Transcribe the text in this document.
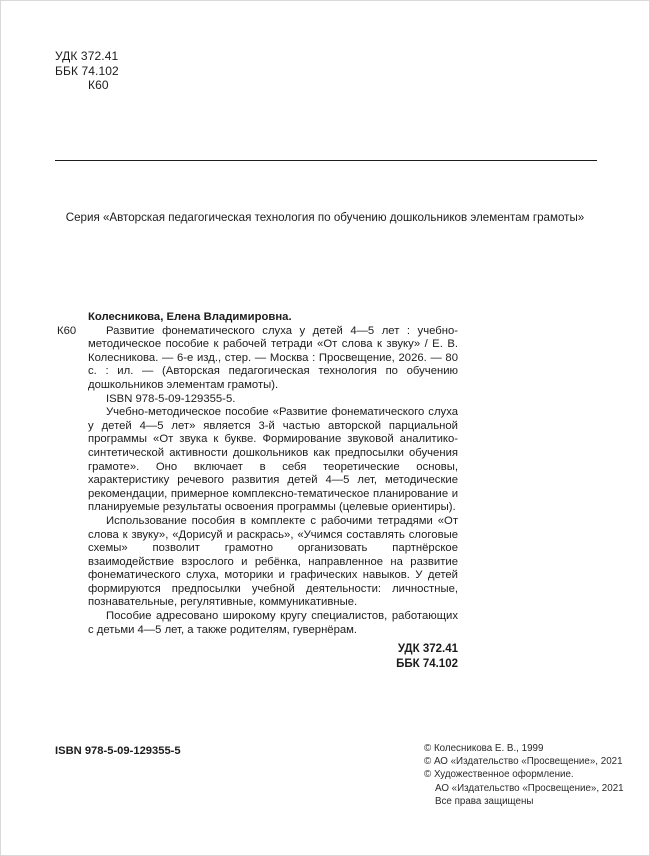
УДК 372.41
ББК 74.102
К60
Серия «Авторская педагогическая технология по обучению дошкольников элементам грамоты»

Колесникова, Елена Владимировна.

К60	Развитие фонематического слуха у детей 4—5 лет : учебно-методическое пособие к рабочей тетради «От слова к звуку» / Е. В. Колесникова. — 6-е изд., стер. — Москва : Просвещение, 2026. — 80 с. : ил. — (Авторская педагогическая технология по обучению дошкольников элементам грамоты).

ISBN 978-5-09-129355-5.

Учебно-методическое пособие «Развитие фонематического слуха у детей 4—5 лет» является 3-й частью авторской парциальной программы «От звука к букве. Формирование звуковой аналитико-синтетической активности дошкольников как предпосылки обучения грамоте». Оно включает в себя теоретические основы, характеристику речевого развития детей 4—5 лет, методические рекомендации, примерное комплексно-тематическое планирование и планируемые результаты освоения программы (целевые ориентиры).

Использование пособия в комплекте с рабочими тетрадями «От слова к звуку», «Дорисуй и раскрась», «Учимся составлять слоговые схемы» позволит грамотно организовать партнёрское взаимодействие взрослого и ребёнка, направленное на развитие фонематического слуха, моторики и графических навыков. У детей формируются предпосылки учебной деятельности: личностные, познавательные, регулятивные, коммуникативные.

Пособие адресовано широкому кругу специалистов, работающих с детьми 4—5 лет, а также родителям, гувернёрам.

УДК 372.41
ББК 74.102
ISBN 978-5-09-129355-5	© Колесникова Е. В., 1999
© АО «Издательство «Просвещение», 2021
© Художественное оформление.
АО «Издательство «Просвещение», 2021
Все права защищены
